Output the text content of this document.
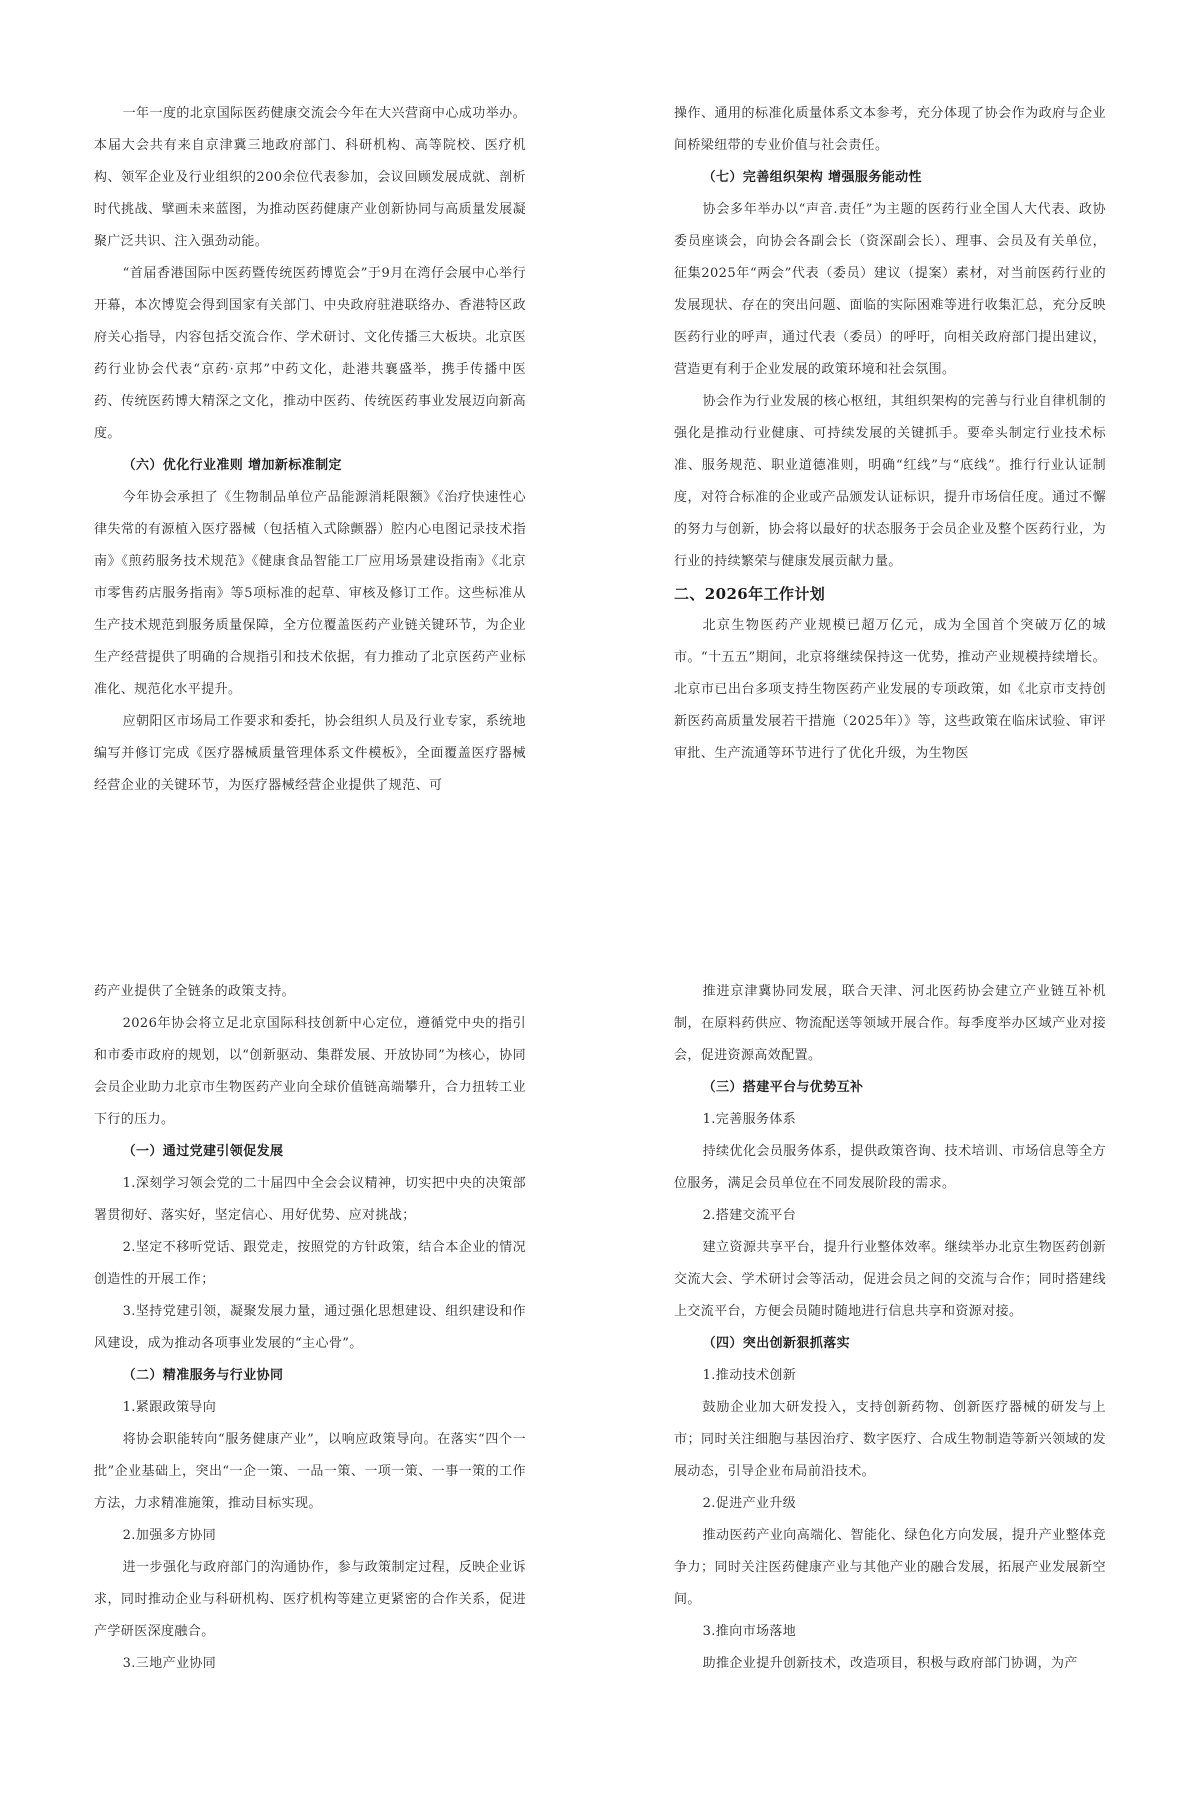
一年一度的北京国际医药健康交流会今年在大兴营商中心成功举办。本届大会共有来自京津冀三地政府部门、科研机构、高等院校、医疗机构、领军企业及行业组织的200余位代表参加，会议回顾发展成就、剖析时代挑战、擘画未来蓝图，为推动医药健康产业创新协同与高质量发展凝聚广泛共识、注入强劲动能。

“首届香港国际中医药暨传统医药博览会”于9月在湾仔会展中心举行开幕，本次博览会得到国家有关部门、中央政府驻港联络办、香港特区政府关心指导，内容包括交流合作、学术研讨、文化传播三大板块。北京医药行业协会代表“京药·京邦”中药文化，赴港共襄盛举，携手传播中医药、传统医药博大精深之文化，推动中医药、传统医药事业发展迈向新高度。

（六）优化行业准则 增加新标准制定

今年协会承担了《生物制品单位产品能源消耗限额》《治疗快速性心律失常的有源植入医疗器械（包括植入式除颤器）腔内心电图记录技术指南》《煎药服务技术规范》《健康食品智能工厂应用场景建设指南》《北京市零售药店服务指南》等5项标准的起草、审核及修订工作。这些标准从生产技术规范到服务质量保障，全方位覆盖医药产业链关键环节，为企业生产经营提供了明确的合规指引和技术依据，有力推动了北京医药产业标准化、规范化水平提升。

应朝阳区市场局工作要求和委托，协会组织人员及行业专家，系统地编写并修订完成《医疗器械质量管理体系文件模板》，全面覆盖医疗器械经营企业的关键环节，为医疗器械经营企业提供了规范、可

操作、通用的标准化质量体系文本参考，充分体现了协会作为政府与企业间桥梁纽带的专业价值与社会责任。

（七）完善组织架构 增强服务能动性

协会多年举办以“声音.责任”为主题的医药行业全国人大代表、政协委员座谈会，向协会各副会长（资深副会长）、理事、会员及有关单位，征集2025年“两会”代表（委员）建议（提案）素材，对当前医药行业的发展现状、存在的突出问题、面临的实际困难等进行收集汇总，充分反映医药行业的呼声，通过代表（委员）的呼吁，向相关政府部门提出建议，营造更有利于企业发展的政策环境和社会氛围。

协会作为行业发展的核心枢纽，其组织架构的完善与行业自律机制的强化是推动行业健康、可持续发展的关键抓手。要牵头制定行业技术标准、服务规范、职业道德准则，明确“红线”与“底线”。推行行业认证制度，对符合标准的企业或产品颁发认证标识，提升市场信任度。通过不懈的努力与创新，协会将以最好的状态服务于会员企业及整个医药行业，为行业的持续繁荣与健康发展贡献力量。

二、2026年工作计划

北京生物医药产业规模已超万亿元，成为全国首个突破万亿的城市。“十五五”期间，北京将继续保持这一优势，推动产业规模持续增长。北京市已出台多项支持生物医药产业发展的专项政策，如《北京市支持创新医药高质量发展若干措施（2025年）》等，这些政策在临床试验、审评审批、生产流通等环节进行了优化升级，为生物医

药产业提供了全链条的政策支持。

2026年协会将立足北京国际科技创新中心定位，遵循党中央的指引和市委市政府的规划，以“创新驱动、集群发展、开放协同”为核心，协同会员企业助力北京市生物医药产业向全球价值链高端攀升，合力扭转工业下行的压力。

（一）通过党建引领促发展

1.深刻学习领会党的二十届四中全会会议精神，切实把中央的决策部署贯彻好、落实好，坚定信心、用好优势、应对挑战；

2.坚定不移听党话、跟党走，按照党的方针政策，结合本企业的情况创造性的开展工作；

3.坚持党建引领，凝聚发展力量，通过强化思想建设、组织建设和作风建设，成为推动各项事业发展的“主心骨”。

（二）精准服务与行业协同

1.紧跟政策导向

将协会职能转向“服务健康产业”，以响应政策导向。在落实“四个一批”企业基础上，突出“一企一策、一品一策、一项一策、一事一策的工作方法，力求精准施策，推动目标实现。

2.加强多方协同

进一步强化与政府部门的沟通协作，参与政策制定过程，反映企业诉求，同时推动企业与科研机构、医疗机构等建立更紧密的合作关系，促进产学研医深度融合。

3.三地产业协同

推进京津冀协同发展，联合天津、河北医药协会建立产业链互补机制，在原料药供应、物流配送等领域开展合作。每季度举办区域产业对接会，促进资源高效配置。

（三）搭建平台与优势互补

1.完善服务体系

持续优化会员服务体系，提供政策咨询、技术培训、市场信息等全方位服务，满足会员单位在不同发展阶段的需求。

2.搭建交流平台

建立资源共享平台，提升行业整体效率。继续举办北京生物医药创新交流大会、学术研讨会等活动，促进会员之间的交流与合作；同时搭建线上交流平台，方便会员随时随地进行信息共享和资源对接。

（四）突出创新狠抓落实

1.推动技术创新

鼓励企业加大研发投入，支持创新药物、创新医疗器械的研发与上市；同时关注细胞与基因治疗、数字医疗、合成生物制造等新兴领域的发展动态，引导企业布局前沿技术。

2.促进产业升级

推动医药产业向高端化、智能化、绿色化方向发展，提升产业整体竞争力；同时关注医药健康产业与其他产业的融合发展，拓展产业发展新空间。

3.推向市场落地

助推企业提升创新技术，改造项目，积极与政府部门协调，为产
